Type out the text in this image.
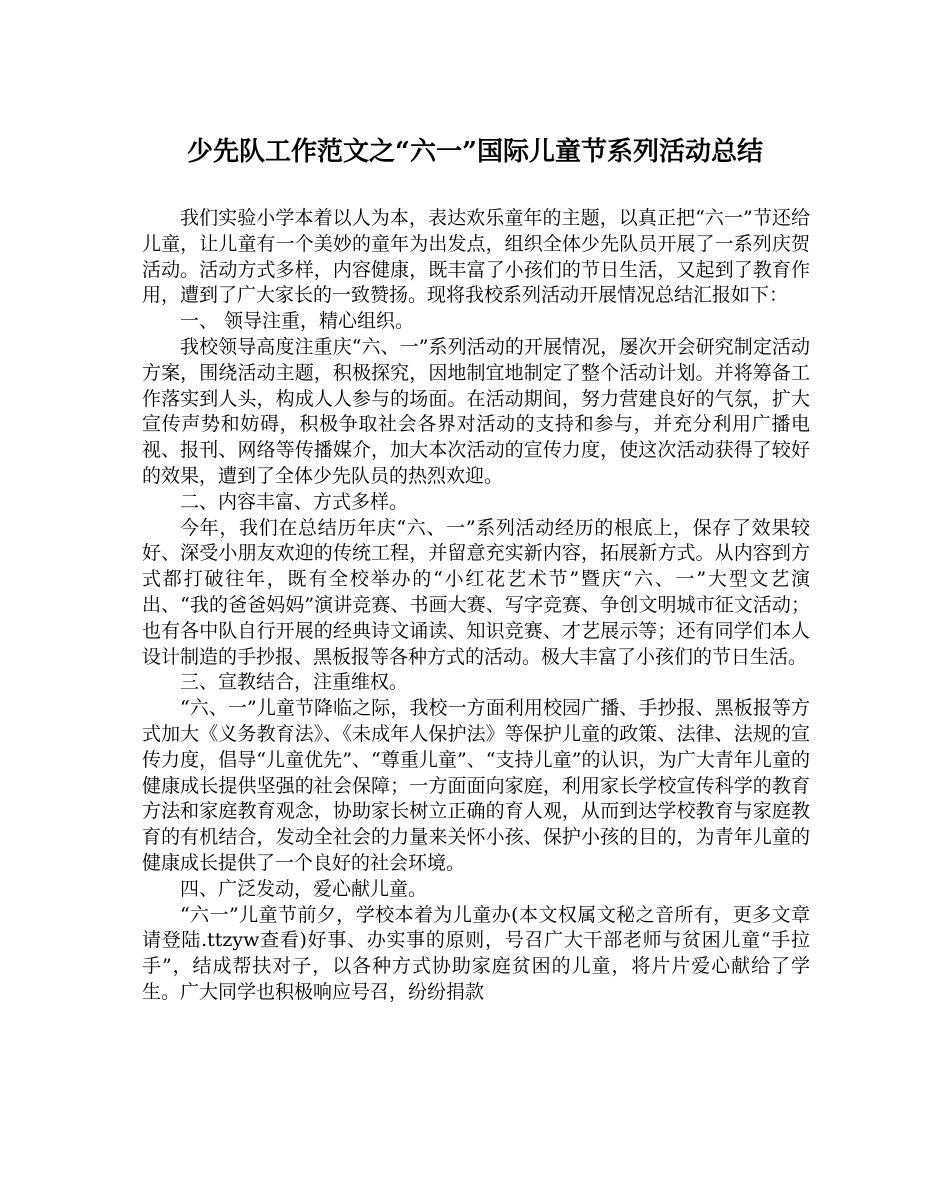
少先队工作范文之“六一”国际儿童节系列活动总结

我们实验小学本着以人为本，表达欢乐童年的主题，以真正把“六一”节还给儿童，让儿童有一个美妙的童年为出发点，组织全体少先队员开展了一系列庆贺活动。活动方式多样，内容健康，既丰富了小孩们的节日生活，又起到了教育作用，遭到了广大家长的一致赞扬。现将我校系列活动开展情况总结汇报如下：

一、 领导注重，精心组织。

我校领导高度注重庆“六、一”系列活动的开展情况，屡次开会研究制定活动方案，围绕活动主题，积极探究，因地制宜地制定了整个活动计划。并将筹备工作落实到人头，构成人人参与的场面。在活动期间，努力营建良好的气氛，扩大宣传声势和妨碍，积极争取社会各界对活动的支持和参与，并充分利用广播电视、报刊、网络等传播媒介，加大本次活动的宣传力度，使这次活动获得了较好的效果，遭到了全体少先队员的热烈欢迎。

二、内容丰富、方式多样。

今年，我们在总结历年庆“六、一”系列活动经历的根底上，保存了效果较好、深受小朋友欢迎的传统工程，并留意充实新内容，拓展新方式。从内容到方式都打破往年，既有全校举办的“小红花艺术节”暨庆“六、一”大型文艺演出、“我的爸爸妈妈”演讲竞赛、书画大赛、写字竞赛、争创文明城市征文活动；也有各中队自行开展的经典诗文诵读、知识竞赛、才艺展示等；还有同学们本人设计制造的手抄报、黑板报等各种方式的活动。极大丰富了小孩们的节日生活。

三、宣教结合，注重维权。

“六、一”儿童节降临之际，我校一方面利用校园广播、手抄报、黑板报等方式加大《义务教育法》、《未成年人保护法》等保护儿童的政策、法律、法规的宣传力度，倡导“儿童优先”、“尊重儿童”、“支持儿童”的认识，为广大青年儿童的健康成长提供坚强的社会保障；一方面面向家庭，利用家长学校宣传科学的教育方法和家庭教育观念，协助家长树立正确的育人观，从而到达学校教育与家庭教育的有机结合，发动全社会的力量来关怀小孩、保护小孩的目的，为青年儿童的健康成长提供了一个良好的社会环境。

四、广泛发动，爱心献儿童。

“六一”儿童节前夕，学校本着为儿童办(本文权属文秘之音所有，更多文章请登陆.ttzyw查看)好事、办实事的原则，号召广大干部老师与贫困儿童“手拉手”，结成帮扶对子，以各种方式协助家庭贫困的儿童，将片片爱心献给了学生。广大同学也积极响应号召，纷纷捐款
